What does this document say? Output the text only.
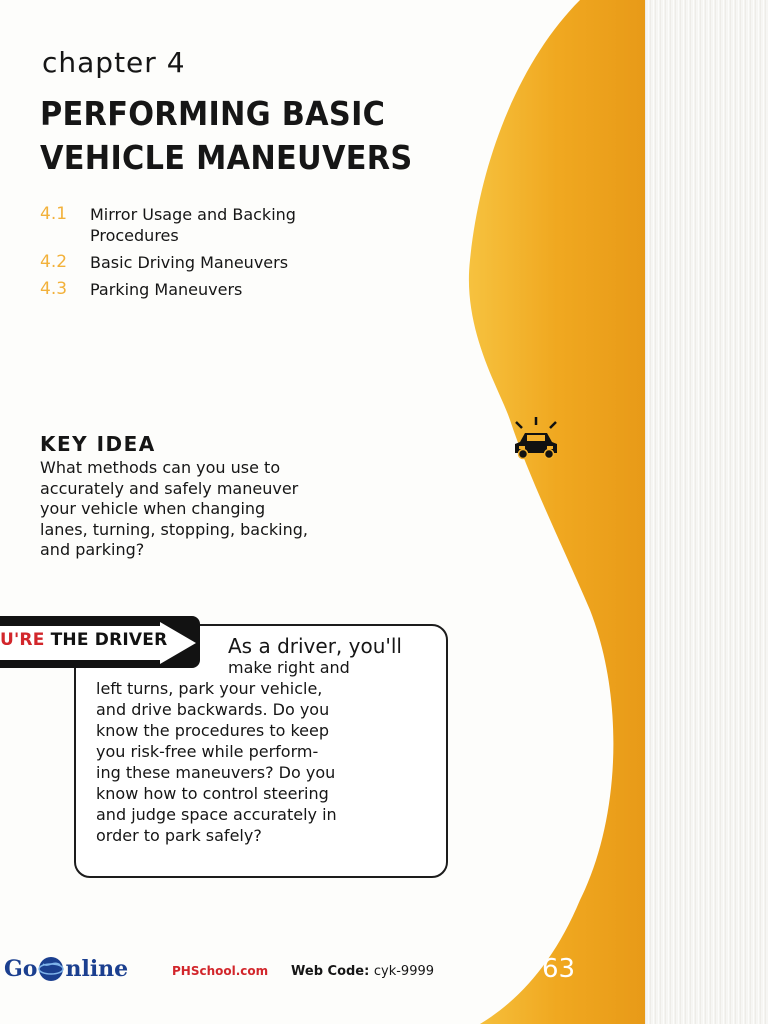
chapter 4
PERFORMING BASIC
VEHICLE MANEUVERS
4.1	Mirror Usage and Backing
Procedures
4.2	Basic Driving Maneuvers
4.3	Parking Maneuvers
KEY IDEA
What methods can you use to
accurately and safely maneuver
your vehicle when changing
lanes, turning, stopping, backing,
and parking?
U'RE THE DRIVER	As a driver, you'll
make right and
left turns, park your vehicle,
and drive backwards. Do you
know the procedures to keep
you risk-free while perform-
ing these maneuvers? Do you
know how to control steering
and judge space accurately in
order to park safely?
Go nline	PHSchool.com Web Code: cyk-9999	63
